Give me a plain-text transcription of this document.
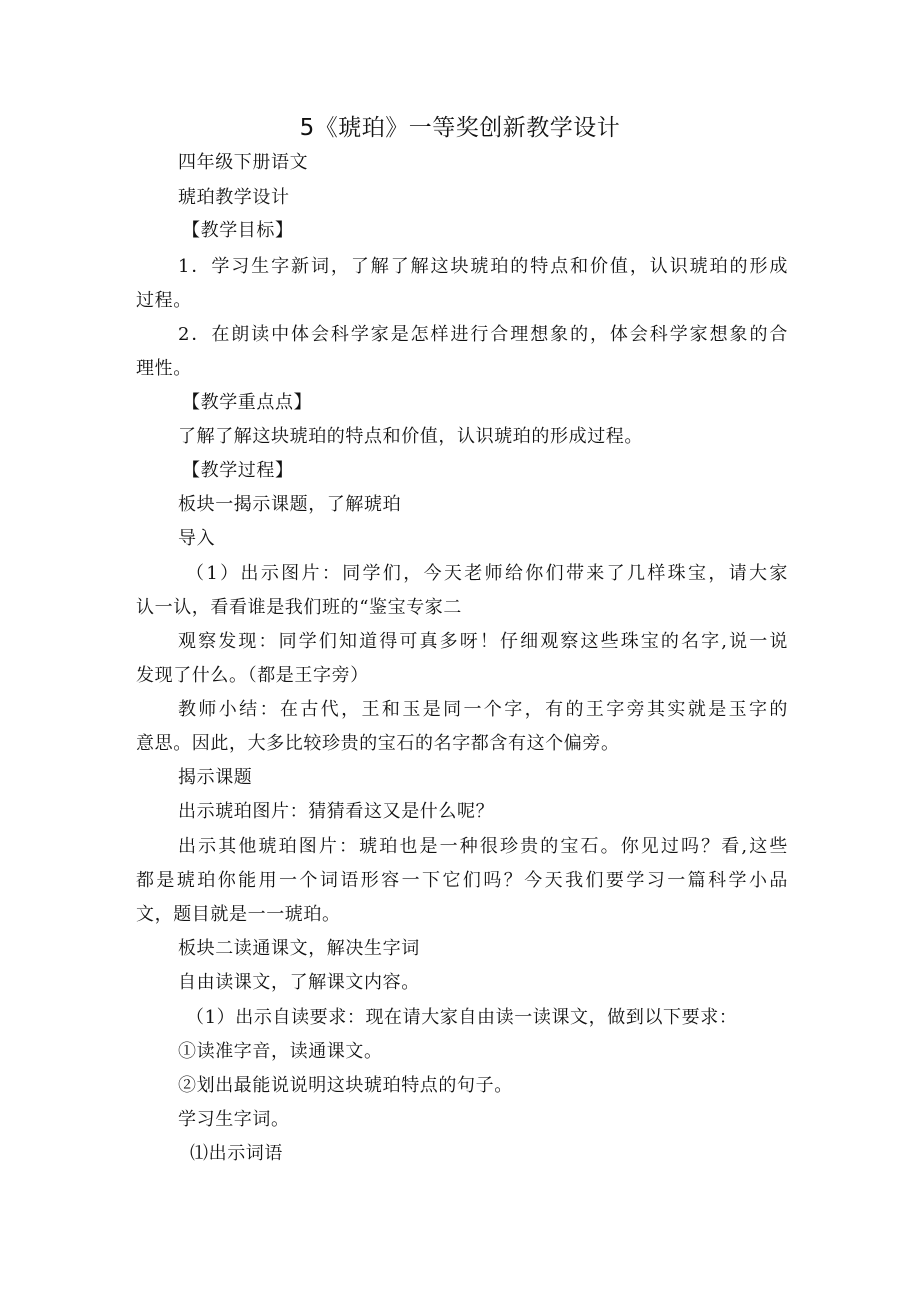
5《琥珀》一等奖创新教学设计
四年级下册语文
琥珀教学设计
【教学目标】
1．学习生字新词，了解了解这块琥珀的特点和价值，认识琥珀的形成
过程。
2．在朗读中体会科学家是怎样进行合理想象的，体会科学家想象的合
理性。
【教学重点点】
了解了解这块琥珀的特点和价值，认识琥珀的形成过程。
【教学过程】
板块一揭示课题，了解琥珀
导入
（1）出示图片：同学们，今天老师给你们带来了几样珠宝，请大家
认一认，看看谁是我们班的“鉴宝专家二
观察发现：同学们知道得可真多呀！仔细观察这些珠宝的名字,说一说
发现了什么。（都是王字旁）
教师小结：在古代，王和玉是同一个字，有的王字旁其实就是玉字的
意思。因此，大多比较珍贵的宝石的名字都含有这个偏旁。
揭示课题
出示琥珀图片：猜猜看这又是什么呢？
出示其他琥珀图片：琥珀也是一种很珍贵的宝石。你见过吗？看,这些
都是琥珀你能用一个词语形容一下它们吗？今天我们要学习一篇科学小品
文，题目就是一一琥珀。
板块二读通课文，解决生字词
自由读课文，了解课文内容。
（1）出示自读要求：现在请大家自由读一读课文，做到以下要求：
①读准字音，读通课文。
②划出最能说说明这块琥珀特点的句子。
学习生字词。
⑴出示词语
